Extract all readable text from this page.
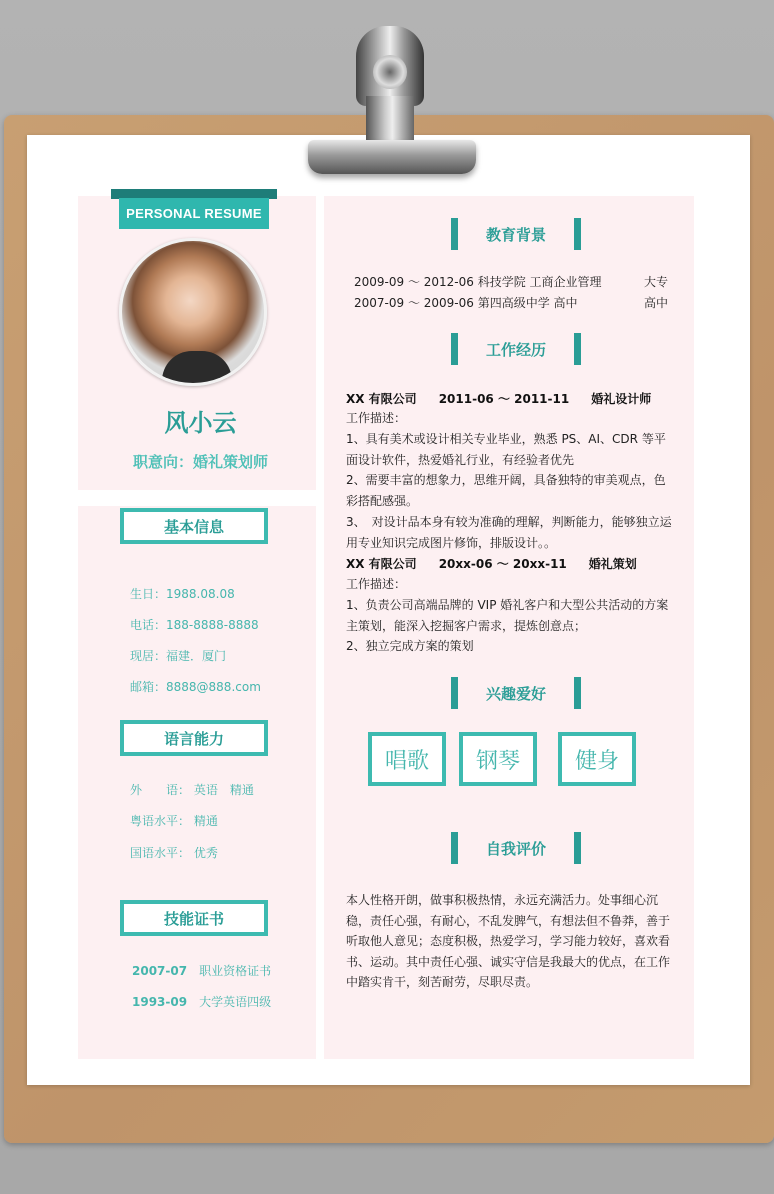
PERSONAL RESUME
风小云
职意向：婚礼策划师
基本信息
生日：1988.08.08
电话：188-8888-8888
现居：福建．厦门
邮箱：8888@888.com
语言能力
外　　语： 英语　精通
粤语水平： 精通
国语水平： 优秀
技能证书
2007-07 职业资格证书
1993-09 大学英语四级
教育背景
2009-09 ～ 2012-06 科技学院 工商企业管理	大专
2007-09 ～ 2009-06 第四高级中学 高中	高中
工作经历
XX 有限公司 2011-06 ～ 2011-11 婚礼设计师
工作描述：
1、具有美术或设计相关专业毕业，熟悉 PS、AI、CDR 等平面设计软件，热爱婚礼行业，有经验者优先
2、需要丰富的想象力，思维开阔，具备独特的审美观点，色彩搭配感强。
3、　对设计品本身有较为准确的理解，判断能力，能够独立运用专业知识完成图片修饰，排版设计。。
XX 有限公司 20xx-06 ～ 20xx-11 婚礼策划
工作描述：
1、负责公司高端品牌的 VIP 婚礼客户和大型公共活动的方案主策划，能深入挖掘客户需求，提炼创意点；
2、独立完成方案的策划
兴趣爱好
唱歌	钢琴	健身
自我评价
本人性格开朗，做事积极热情，永远充满活力。处事细心沉稳，责任心强，有耐心，不乱发脾气，有想法但不鲁莽，善于听取他人意见；态度积极，热爱学习，学习能力较好，喜欢看书、运动。其中责任心强、诚实守信是我最大的优点，在工作中踏实肯干，刻苦耐劳，尽职尽责。
